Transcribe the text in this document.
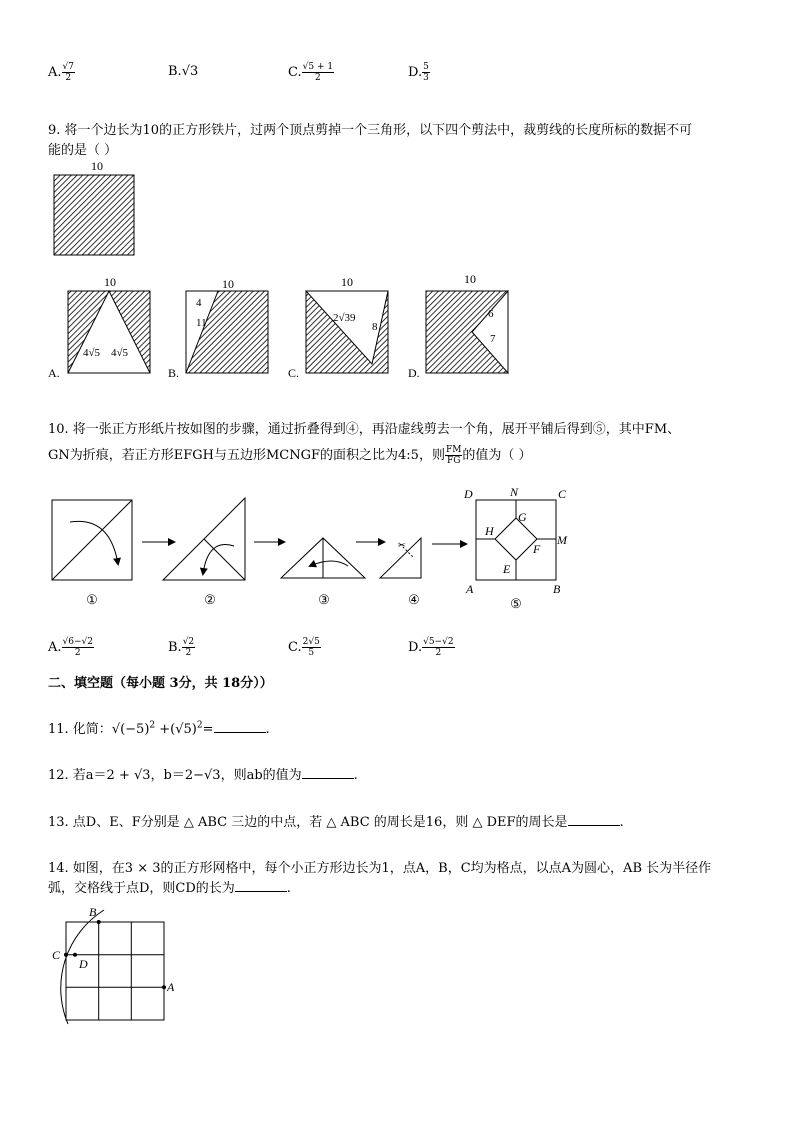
A. $\frac{√7}{2}$	B.√3	C. $\frac{√5 + 1}{2}$	D. $\frac{5}{3}$
9. 将一个边长为10的正方形铁片，过两个顶点剪掉一个三角形，以下四个剪法中，裁剪线的长度所标的数据不可
能的是（ ）
10
A.
10
4√5 4√5
B.
10
4
11
C.
10
2√39
8
D.
10
6
7
10. 将一张正方形纸片按如图的步骤，通过折叠得到④，再沿虚线剪去一个角，展开平铺后得到⑤，其中FM、
GN为折痕，若正方形EFGH与五边形MCNGF的面积之比为4:5，则 $\frac{FM}{FG}$ 的值为（ ）
①	②	③
✂
④
D	N	C
G
H
M
F
E
A	B
⑤
A. $\frac{√6-√2}{2}$	B. $\frac{√2}{2}$	C. $\frac{2√5}{5}$	D. $\frac{√5-√2}{2}$
二、填空题（每小题 3分，共 18分））
11. 化简：$√(-5)^2 +(√5)^2=$	.
12. 若a＝2 + √3，b＝2−√3，则ab的值为	.
13. 点D、E、F分别是 △ ABC 三边的中点，若 △ ABC 的周长是16，则 △ DEF的周长是	.
14. 如图，在3 × 3的正方形网格中，每个小正方形边长为1，点A，B，C均为格点，以点A为圆心，AB 长为半径作
弧，交格线于点D，则CD的长为	.
B
C
D
A
